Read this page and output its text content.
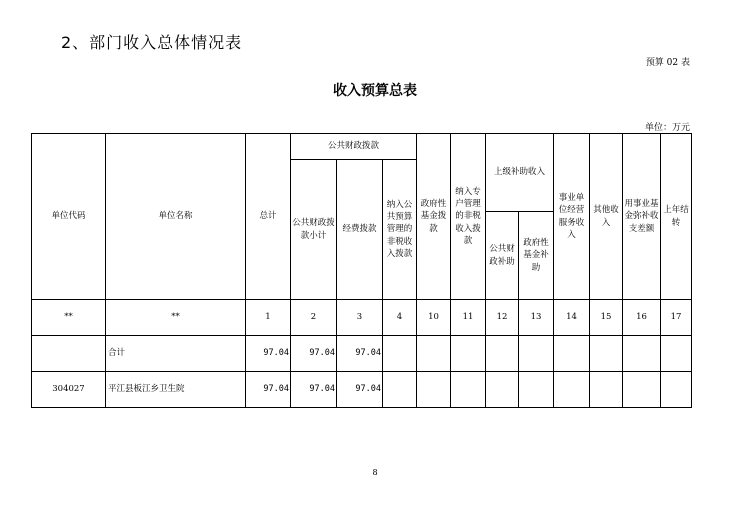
2、部门收入总体情况表
预算 02 表
收入预算总表
单位：万元
单位代码	单位名称	总计	公共财政拨款			政府性基金拨款	纳入专户管理的非税收入拨款	上级补助收入		事业单位经营服务收入	其他收入	用事业基金弥补收支差额	上年结转
			公共财政拨款小计	经费拨款	纳入公共预算管理的非税收入拨款								
								公共财政补助	政府性基金补助				
**	**	1	2	3	4	10	11	12	13	14	15	16	17
	合计	97.04	97.04	97.04									
304027	平江县板江乡卫生院	97.04	97.04	97.04									
8
